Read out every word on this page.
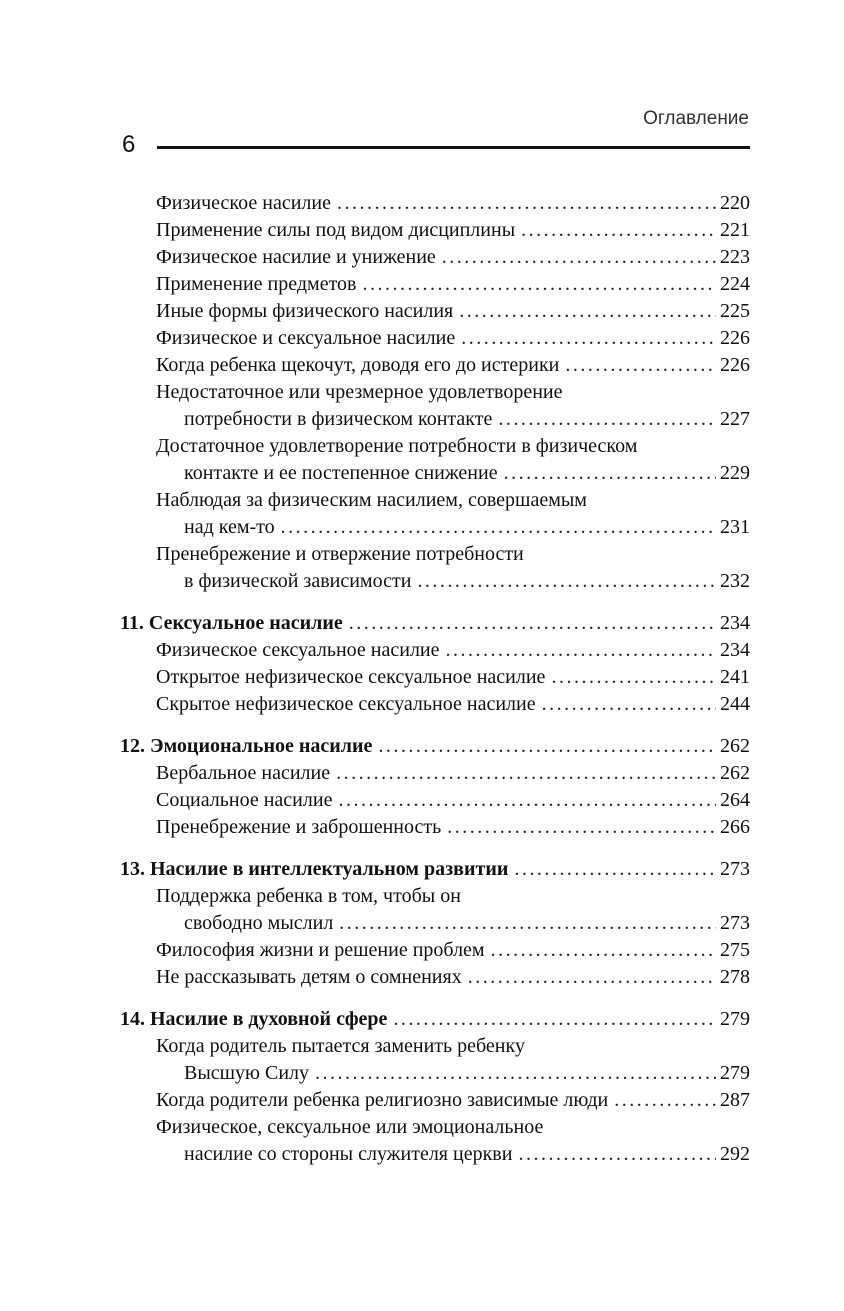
Оглавление
6
Физическое насилие .....	220
Применение силы под видом дисциплины .....	221
Физическое насилие и унижение .....	223
Применение предметов .....	224
Иные формы физического насилия .....	225
Физическое и сексуальное насилие .....	226
Когда ребенка щекочут, доводя его до истерики .....	226
Недостаточное или чрезмерное удовлетворение
потребности в физическом контакте .....	227
Достаточное удовлетворение потребности в физическом
контакте и ее постепенное снижение .....	229
Наблюдая за физическим насилием, совершаемым
над кем-то .....	231
Пренебрежение и отвержение потребности
в физической зависимости .....	232
11. Сексуальное насилие .....	234
Физическое сексуальное насилие .....	234
Открытое нефизическое сексуальное насилие .....	241
Скрытое нефизическое сексуальное насилие .....	244
12. Эмоциональное насилие .....	262
Вербальное насилие .....	262
Социальное насилие .....	264
Пренебрежение и заброшенность .....	266
13. Насилие в интеллектуальном развитии .....	273
Поддержка ребенка в том, чтобы он
свободно мыслил .....	273
Философия жизни и решение проблем .....	275
Не рассказывать детям о сомнениях .....	278
14. Насилие в духовной сфере .....	279
Когда родитель пытается заменить ребенку
Высшую Силу .....	279
Когда родители ребенка религиозно зависимые люди .....	287
Физическое, сексуальное или эмоциональное
насилие со стороны служителя церкви .....	292
